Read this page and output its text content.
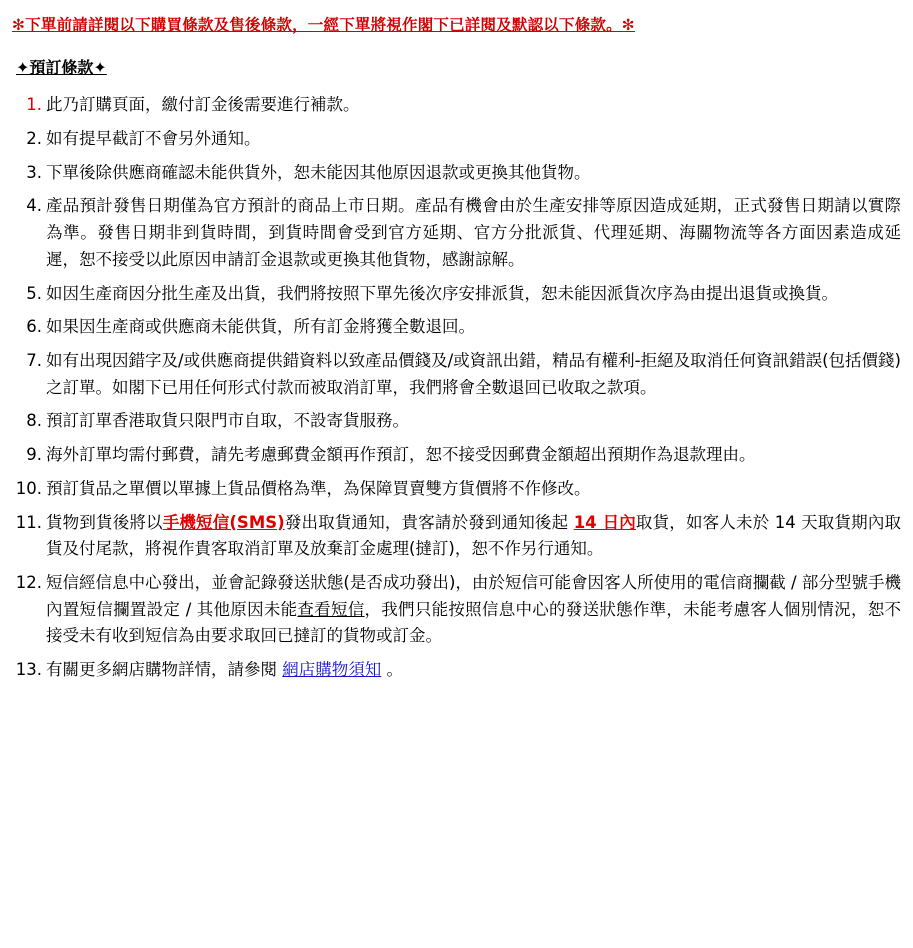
✻下單前請詳閱以下購買條款及售後條款，一經下單將視作閣下已詳閱及默認以下條款。✻
✦預訂條款✦
1. 此乃訂購頁面，繳付訂金後需要進行補款。
2. 如有提早截訂不會另外通知。
3. 下單後除供應商確認未能供貨外，恕未能因其他原因退款或更換其他貨物。
4. 產品預計發售日期僅為官方預計的商品上市日期。產品有機會由於生產安排等原因造成延期，正式發售日期請以實際為準。發售日期非到貨時間，到貨時間會受到官方延期、官方分批派貨、代理延期、海關物流等各方面因素造成延遲，恕不接受以此原因申請訂金退款或更換其他貨物，感謝諒解。
5. 如因生產商因分批生產及出貨，我們將按照下單先後次序安排派貨，恕未能因派貨次序為由提出退貨或換貨。
6. 如果因生產商或供應商未能供貨，所有訂金將獲全數退回。
7. 如有出現因錯字及/或供應商提供錯資料以致產品價錢及/或資訊出錯，精品有權利-拒絕及取消任何資訊錯誤(包括價錢)之訂單。如閣下已用任何形式付款而被取消訂單，我們將會全數退回已收取之款項。
8. 預訂訂單香港取貨只限門市自取，不設寄貨服務。
9. 海外訂單均需付郵費，請先考慮郵費金額再作預訂，恕不接受因郵費金額超出預期作為退款理由。
10. 預訂貨品之單價以單據上貨品價格為準，為保障買賣雙方貨價將不作修改。
11. 貨物到貨後將以手機短信(SMS)發出取貨通知，貴客請於發到通知後起 14 日內取貨，如客人未於 14 天取貨期內取貨及付尾款，將視作貴客取消訂單及放棄訂金處理(撻訂)，恕不作另行通知。
12. 短信經信息中心發出，並會記錄發送狀態(是否成功發出)，由於短信可能會因客人所使用的電信商攔截 / 部分型號手機內置短信攔置設定 / 其他原因未能查看短信，我們只能按照信息中心的發送狀態作準，未能考慮客人個別情況，恕不接受未有收到短信為由要求取回已撻訂的貨物或訂金。
13. 有關更多網店購物詳情，請參閱 網店購物須知 。
